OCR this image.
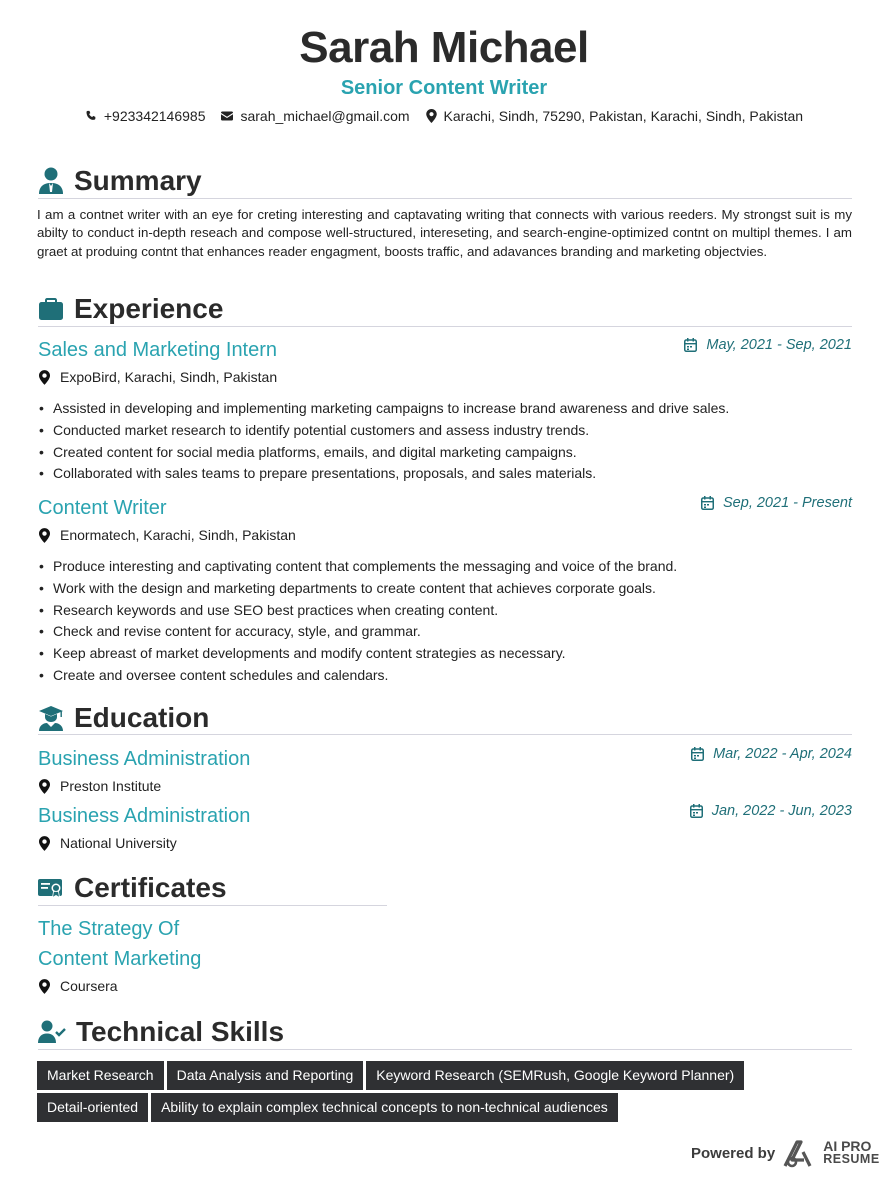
Sarah Michael
Senior Content Writer
+923342146985	sarah_michael@gmail.com Karachi, Sindh, 75290, Pakistan, Karachi, Sindh, Pakistan
Summary
I am a contnet writer with an eye for creting interesting and captavating writing that connects with various reeders. My strongst suit is my abilty to conduct in-depth reseach and compose well-structured, intereseting, and search-engine-optimized contnt on multipl themes. I am graet at produing contnt that enhances reader engagment, boosts traffic, and adavances branding and marketing objectvies.
Experience
Sales and Marketing Intern	May, 2021 - Sep, 2021
ExpoBird, Karachi, Sindh, Pakistan
• Assisted in developing and implementing marketing campaigns to increase brand awareness and drive sales.
• Conducted market research to identify potential customers and assess industry trends.
• Created content for social media platforms, emails, and digital marketing campaigns.
• Collaborated with sales teams to prepare presentations, proposals, and sales materials.
Content Writer	Sep, 2021 - Present
Enormatech, Karachi, Sindh, Pakistan
• Produce interesting and captivating content that complements the messaging and voice of the brand.
• Work with the design and marketing departments to create content that achieves corporate goals.
• Research keywords and use SEO best practices when creating content.
• Check and revise content for accuracy, style, and grammar.
• Keep abreast of market developments and modify content strategies as necessary.
• Create and oversee content schedules and calendars.
Education
Business Administration	Mar, 2022 - Apr, 2024
Preston Institute
Business Administration	Jan, 2022 - Jun, 2023
National University
Certificates
The Strategy Of
Content Marketing
Coursera
Technical Skills
Market Research	Data Analysis and Reporting	Keyword Research (SEMRush, Google Keyword Planner)
Detail-oriented	Ability to explain complex technical concepts to non-technical audiences
Powered by	AI PRO
RESUME
